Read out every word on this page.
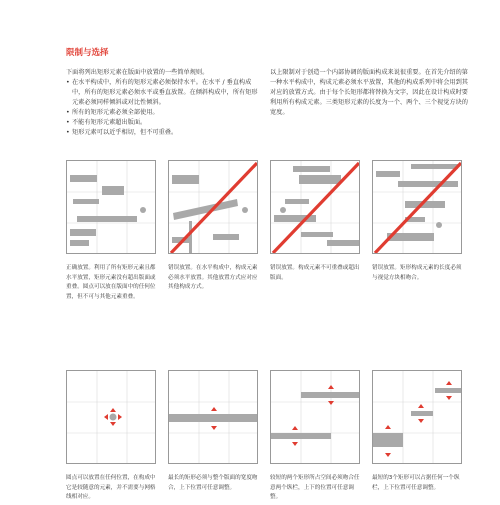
限制与选择
下面将列出矩形元素在版面中放置的一些简单规则。
• 在水平构成中，所有的矩形元素必须保持水平。在水平 / 垂直构成中，所有的矩形元素必须水平或垂直放置。在倾斜构成中，所有矩形元素必须同样倾斜或对比性倾斜。
• 所有的矩形元素必须全部使用。
• 不能有矩形元素超出版面。
• 矩形元素可以近乎相切，但不可重叠。
以上限制对于创造一个内部协调的版面构成来说很重要。在首先介绍的第一种水平构成中，构成元素必须水平放置，其他的构成系列中将会用到其对应的放置方式。由于每个长矩形都将替换为文字，因此在设计构成时要利用所有构成元素。三类矩形元素的长度为一个、两个、三个视觉方块的宽度。
正确放置。利用了所有矩形元素且都水平放置，矩形元素没有超出版面或重叠。圆点可以放在版面中的任何位置，但不可与其他元素重叠。
错误放置。在水平构成中，构成元素必须水平放置。其他放置方式应对应其他构成方式。
错误放置。构成元素不可重叠或超出版面。
错误放置。矩形构成元素的长度必须与视觉方块相吻合。
圆点可以放置在任何位置，在构成中它是较随意的元素，并不需要与网格线相对应。
最长的矩形必须与整个版面的宽度吻合，上下位置可任意调整。
较短的两个矩形所占空间必须吻合任意两个纵栏，上下的位置可任意调整。
最短的3个矩形可以占据任何一个纵栏，上下位置可任意调整。
